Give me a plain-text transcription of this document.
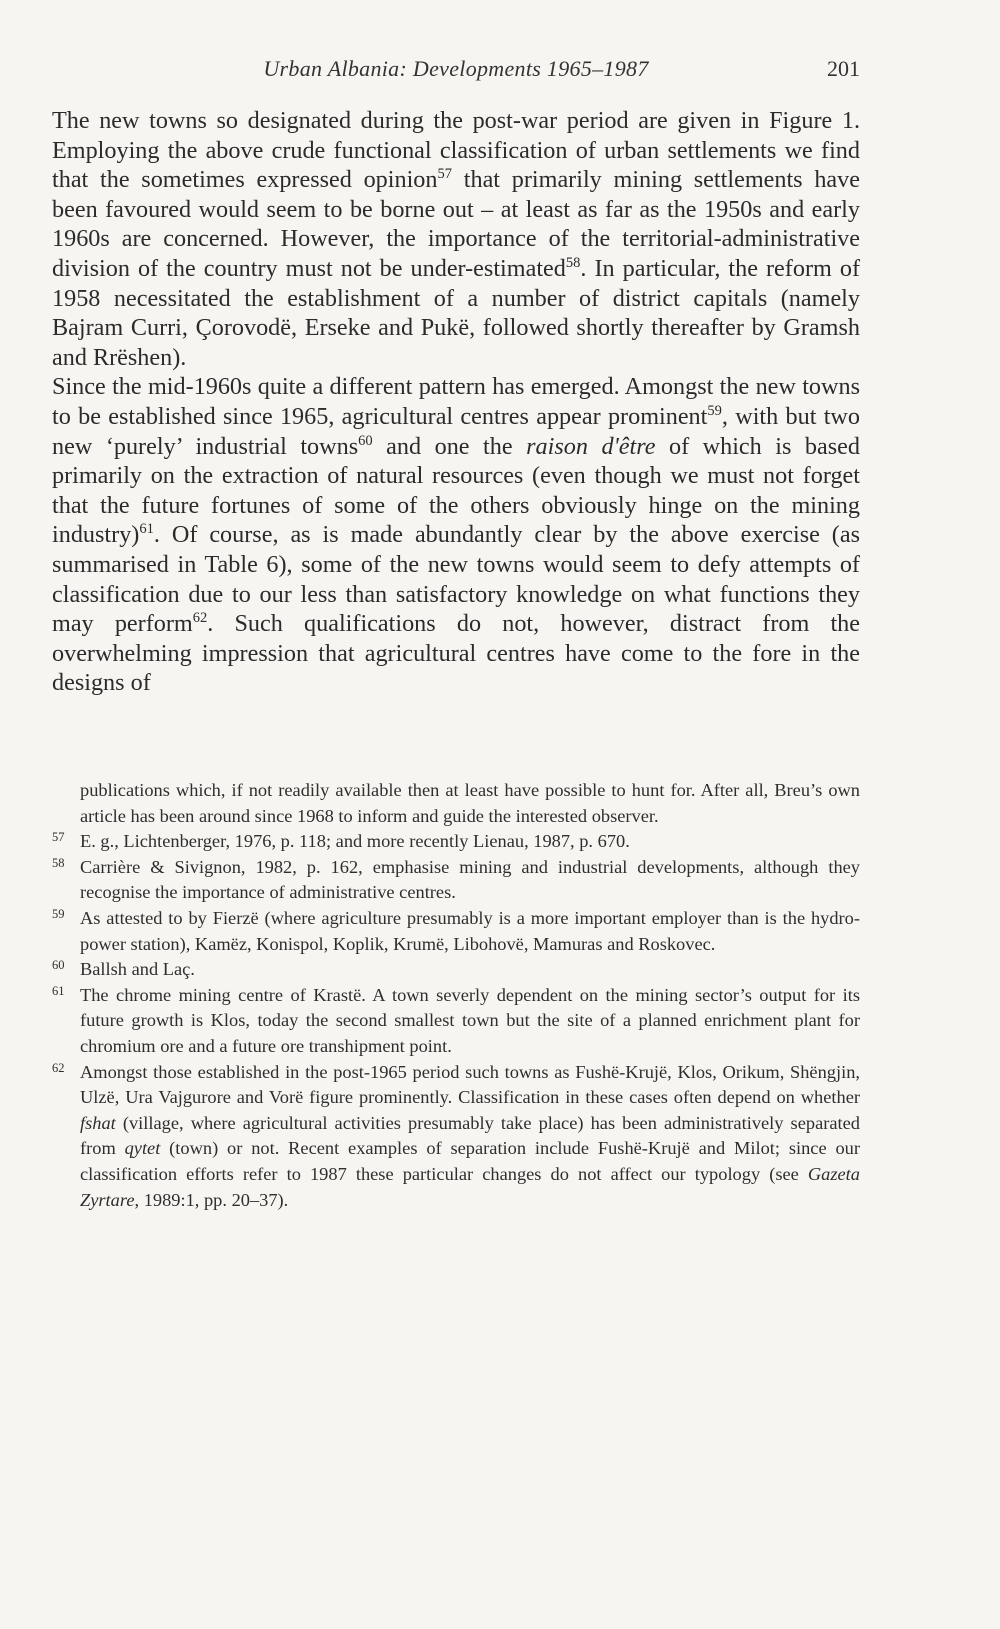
Urban Albania: Developments 1965–1987	201

The new towns so designated during the post-war period are given in Figure 1. Employing the above crude functional classification of urban settlements we find that the sometimes expressed opinion$^{57}$ that primarily mining settlements have been favoured would seem to be borne out – at least as far as the 1950s and early 1960s are concerned. However, the importance of the territorial-administrative division of the country must not be under-estimated$^{58}$. In particular, the reform of 1958 necessitated the establishment of a number of district capitals (namely Bajram Curri, Çorovodë, Erseke and Pukë, followed shortly thereafter by Gramsh and Rrëshen).

Since the mid-1960s quite a different pattern has emerged. Amongst the new towns to be established since 1965, agricultural centres appear prominent$^{59}$, with but two new ‘purely’ industrial towns$^{60}$ and one the raison d'être of which is based primarily on the extraction of natural resources (even though we must not forget that the future fortunes of some of the others obviously hinge on the mining industry)$^{61}$. Of course, as is made abundantly clear by the above exercise (as summarised in Table 6), some of the new towns would seem to defy attempts of classification due to our less than satisfactory knowledge on what functions they may perform$^{62}$. Such qualifications do not, however, distract from the overwhelming impression that agricultural centres have come to the fore in the designs of

publications which, if not readily available then at least have possible to hunt for. After all, Breu’s own article has been around since 1968 to inform and guide the interested observer.

57 E. g., Lichtenberger, 1976, p. 118; and more recently Lienau, 1987, p. 670.

58 Carrière & Sivignon, 1982, p. 162, emphasise mining and industrial developments, although they recognise the importance of administrative centres.

59 As attested to by Fierzë (where agriculture presumably is a more important employer than is the hydro-power station), Kamëz, Konispol, Koplik, Krumë, Libohovë, Mamuras and Roskovec.

60 Ballsh and Laç.

61 The chrome mining centre of Krastë. A town severly dependent on the mining sector’s output for its future growth is Klos, today the second smallest town but the site of a planned enrichment plant for chromium ore and a future ore transhipment point.

62 Amongst those established in the post-1965 period such towns as Fushë-Krujë, Klos, Orikum, Shëngjin, Ulzë, Ura Vajgurore and Vorë figure prominently. Classification in these cases often depend on whether fshat (village, where agricultural activities presumably take place) has been administratively separated from qytet (town) or not. Recent examples of separation include Fushë-Krujë and Milot; since our classification efforts refer to 1987 these particular changes do not affect our typology (see Gazeta Zyrtare, 1989:1, pp. 20–37).
